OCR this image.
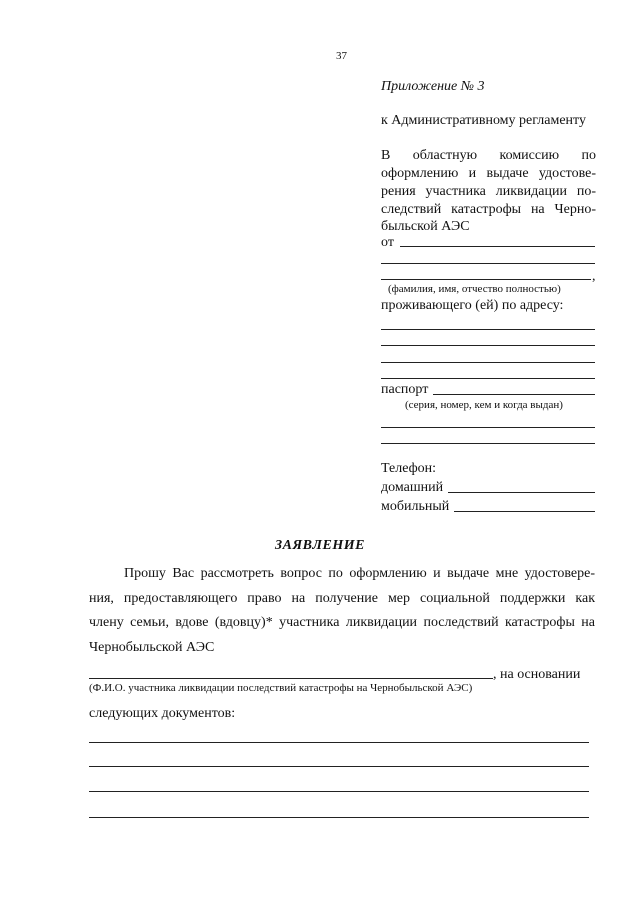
37
Приложение № 3
к Административному регламенту
В областную комиссию по
оформлению и выдаче удостове-
рения участника ликвидации по-
следствий катастрофы на Черно-
быльской АЭС
от
,
(фамилия, имя, отчество полностью)
проживающего (ей) по адресу:
паспорт
(серия, номер, кем и когда выдан)
Телефон:
домашний
мобильный
ЗАЯВЛЕНИЕ
Прошу Вас рассмотреть вопрос по оформлению и выдаче мне удостовере-
ния, предоставляющего право на получение мер социальной поддержки как
члену семьи, вдове (вдовцу)* участника ликвидации последствий катастрофы на
Чернобыльской АЭС
, на основании
(Ф.И.О. участника ликвидации последствий катастрофы на Чернобыльской АЭС)
следующих документов:
